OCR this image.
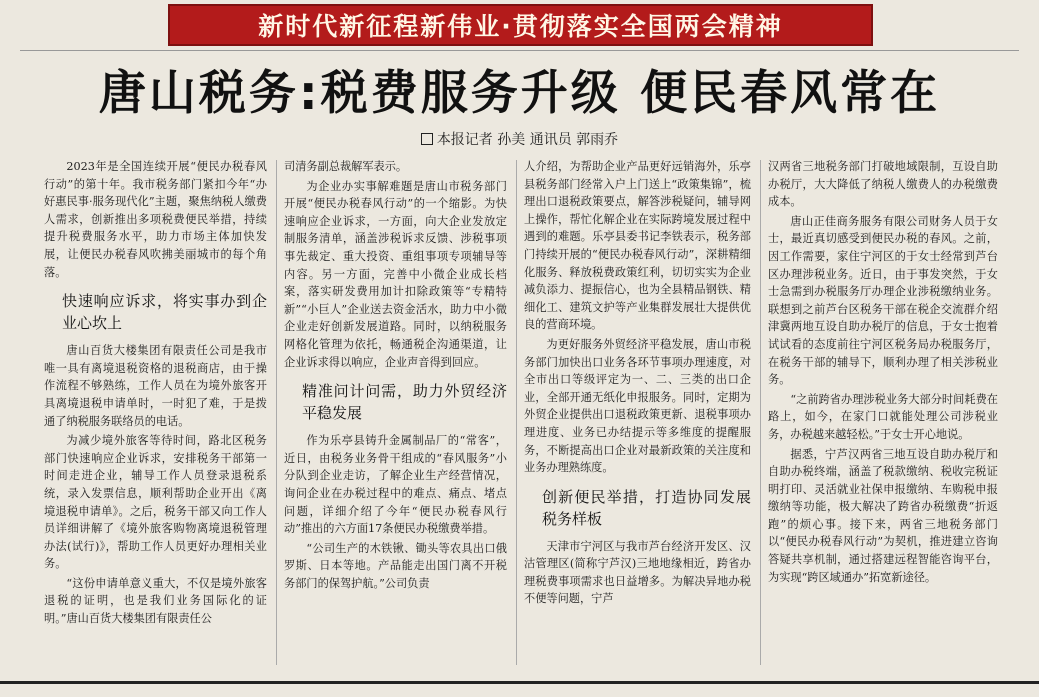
新时代新征程新伟业·贯彻落实全国两会精神
唐山税务:税费服务升级 便民春风常在
本报记者 孙美 通讯员 郭雨乔

2023年是全国连续开展“便民办税春风行动”的第十年。我市税务部门紧扣今年“办好惠民事·服务现代化”主题，聚焦纳税人缴费人需求，创新推出多项税费便民举措，持续提升税费服务水平，助力市场主体加快发展，让便民办税春风吹拂美丽城市的每个角落。

快速响应诉求，将实事办到企业心坎上

唐山百货大楼集团有限责任公司是我市唯一具有离境退税资格的退税商店，由于操作流程不够熟练，工作人员在为境外旅客开具离境退税申请单时，一时犯了难，于是拨通了纳税服务联络员的电话。

为减少境外旅客等待时间，路北区税务部门快速响应企业诉求，安排税务干部第一时间走进企业，辅导工作人员登录退税系统，录入发票信息，顺利帮助企业开出《离境退税申请单》。之后，税务干部又向工作人员详细讲解了《境外旅客购物离境退税管理办法(试行)》，帮助工作人员更好办理相关业务。

“这份申请单意义重大，不仅是境外旅客退税的证明，也是我们业务国际化的证明。”唐山百货大楼集团有限责任公

司清务副总裁解军表示。

为企业办实事解难题是唐山市税务部门开展“便民办税春风行动”的一个缩影。为快速响应企业诉求，一方面，向大企业发放定制服务清单，涵盖涉税诉求反馈、涉税事项事先裁定、重大投资、重组事项专项辅导等内容。另一方面，完善中小微企业成长档案，落实研发费用加计扣除政策等“专精特新”“小巨人”企业送去资金活水，助力中小微企业走好创新发展道路。同时，以纳税服务网格化管理为依托，畅通税企沟通渠道，让企业诉求得以响应，企业声音得到回应。

精准问计问需，助力外贸经济平稳发展

作为乐亭县铸升金属制品厂的“常客”，近日，由税务业务骨干组成的“春风服务”小分队到企业走访，了解企业生产经营情况，询问企业在办税过程中的难点、痛点、堵点问题，详细介绍了今年“便民办税春风行动”推出的六方面17条便民办税缴费举措。

“公司生产的木铁锹、锄头等农具出口俄罗斯、日本等地。产品能走出国门离不开税务部门的保驾护航。”公司负责

人介绍，为帮助企业产品更好远销海外，乐亭县税务部门经常入户上门送上“政策集锦”，梳理出口退税政策要点，解答涉税疑问，辅导网上操作，帮忙化解企业在实际跨境发展过程中遇到的难题。乐亭县委书记李铁表示，税务部门持续开展的“便民办税春风行动”，深耕精细化服务、释放税费政策红利，切切实实为企业减负添力、提振信心，也为全县精品钢铁、精细化工、建筑文护等产业集群发展壮大提供优良的营商环境。

为更好服务外贸经济平稳发展，唐山市税务部门加快出口业务各环节事项办理速度，对全市出口等级评定为一、二、三类的出口企业，全部开通无纸化申报服务。同时，定期为外贸企业提供出口退税政策更新、退税事项办理进度、业务已办结提示等多维度的提醒服务，不断提高出口企业对最新政策的关注度和业务办理熟练度。

创新便民举措，打造协同发展税务样板

天津市宁河区与我市芦台经济开发区、汉沽管理区(简称宁芦汉)三地地缘相近，跨省办理税费事项需求也日益增多。为解决异地办税不便等问题，宁芦

汉两省三地税务部门打破地域限制，互设自助办税厅，大大降低了纳税人缴费人的办税缴费成本。

唐山正佳商务服务有限公司财务人员于女士，最近真切感受到便民办税的春风。之前，因工作需要，家住宁河区的于女士经常到芦台区办理涉税业务。近日，由于事发突然，于女士急需到办税服务厅办理企业涉税缴纳业务。联想到之前芦台区税务干部在税企交流群介绍津冀两地互设自助办税厅的信息，于女士抱着试试看的态度前往宁河区税务局办税服务厅，在税务干部的辅导下，顺利办理了相关涉税业务。

“之前跨省办理涉税业务大部分时间耗费在路上，如今，在家门口就能处理公司涉税业务，办税越来越轻松。”于女士开心地说。

据悉，宁芦汉两省三地互设自助办税厅和自助办税终端，涵盖了税款缴纳、税收完税证明打印、灵活就业社保申报缴纳、车购税申报缴纳等功能，极大解决了跨省办税缴费“折返跑”的烦心事。接下来，两省三地税务部门以“便民办税春风行动”为契机，推进建立咨询答疑共享机制，通过搭建远程智能咨询平台，为实现“跨区域通办”拓宽新途径。
